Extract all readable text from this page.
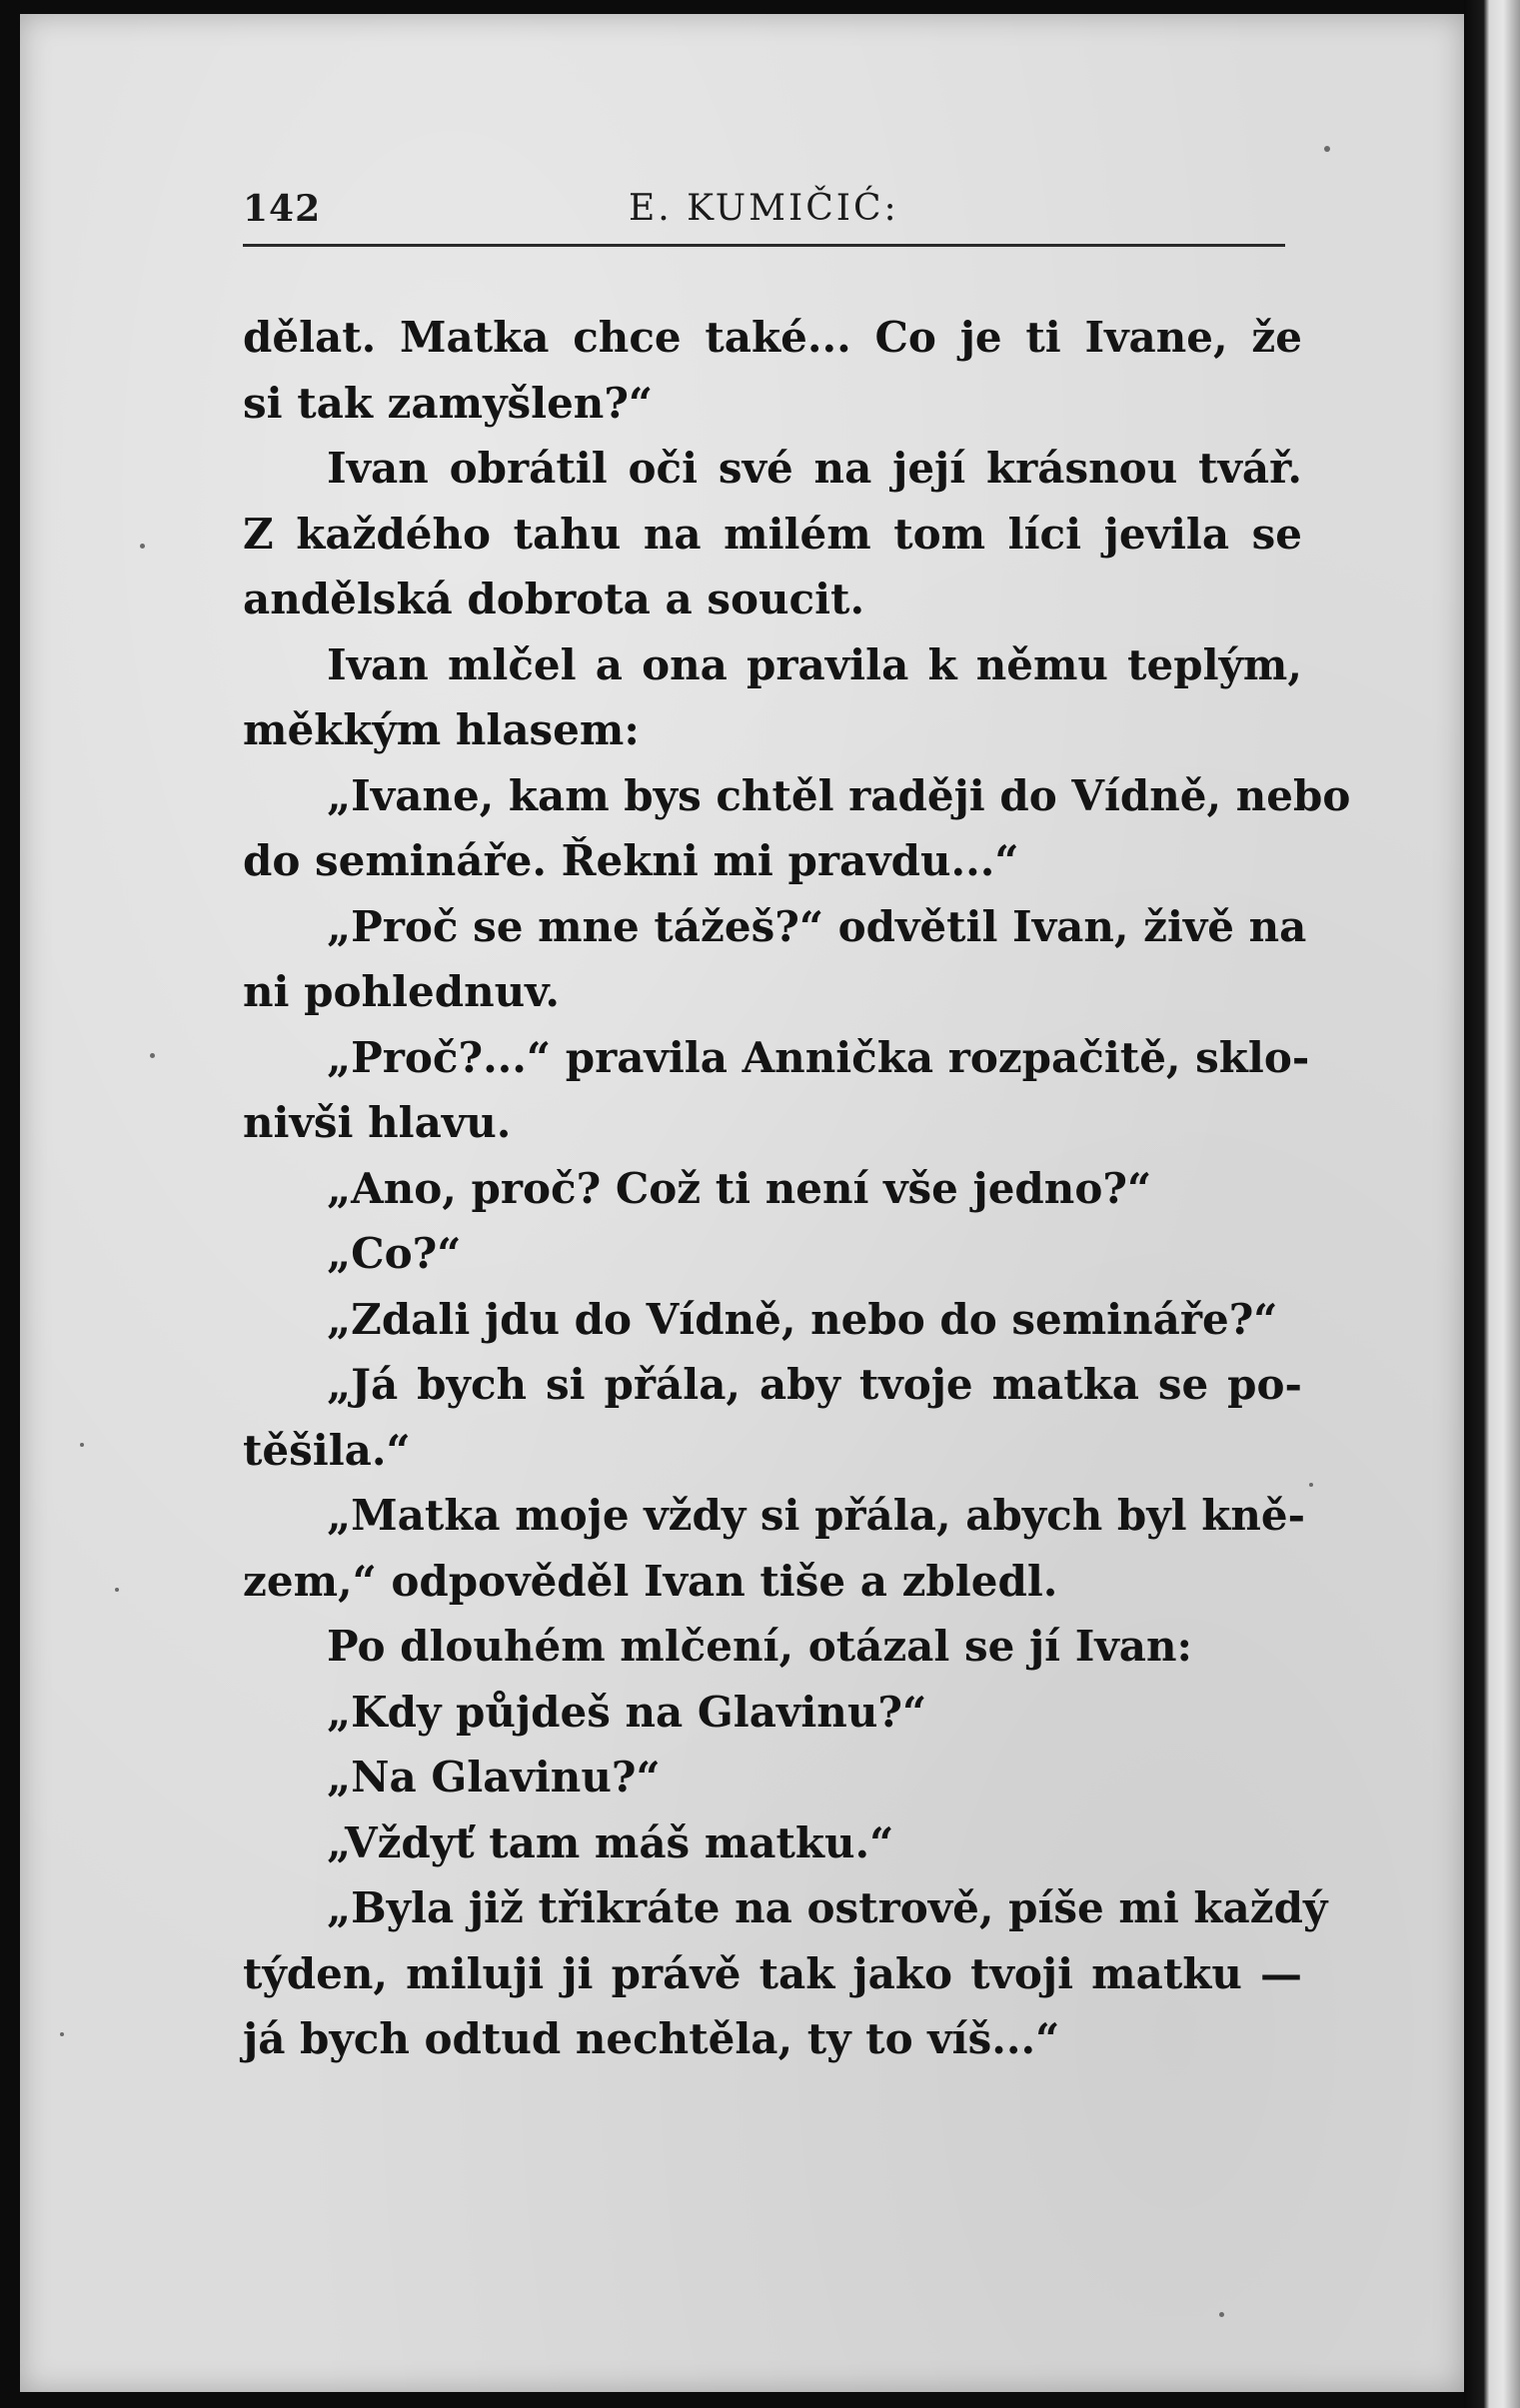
142	E. KUMIČIĆ:
dělat. Matka chce také... Co je ti Ivane, že
si tak zamyšlen?“
Ivan obrátil oči své na její krásnou tvář.
Z každého tahu na milém tom líci jevila se
andělská dobrota a soucit.
Ivan mlčel a ona pravila k němu teplým,
měkkým hlasem:
„Ivane, kam bys chtěl raději do Vídně, nebo
do semináře. Řekni mi pravdu...“
„Proč se mne tážeš?“ odvětil Ivan, živě na
ni pohlednuv.
„Proč?...“ pravila Annička rozpačitě, sklo-
nivši hlavu.
„Ano, proč? Což ti není vše jedno?“
„Co?“
„Zdali jdu do Vídně, nebo do semináře?“
„Já bych si přála, aby tvoje matka se po-
těšila.“
„Matka moje vždy si přála, abych byl kně-
zem,“ odpověděl Ivan tiše a zbledl.
Po dlouhém mlčení, otázal se jí Ivan:
„Kdy půjdeš na Glavinu?“
„Na Glavinu?“
„Vždyť tam máš matku.“
„Byla již třikráte na ostrově, píše mi každý
týden, miluji ji právě tak jako tvoji matku —
já bych odtud nechtěla, ty to víš...“
